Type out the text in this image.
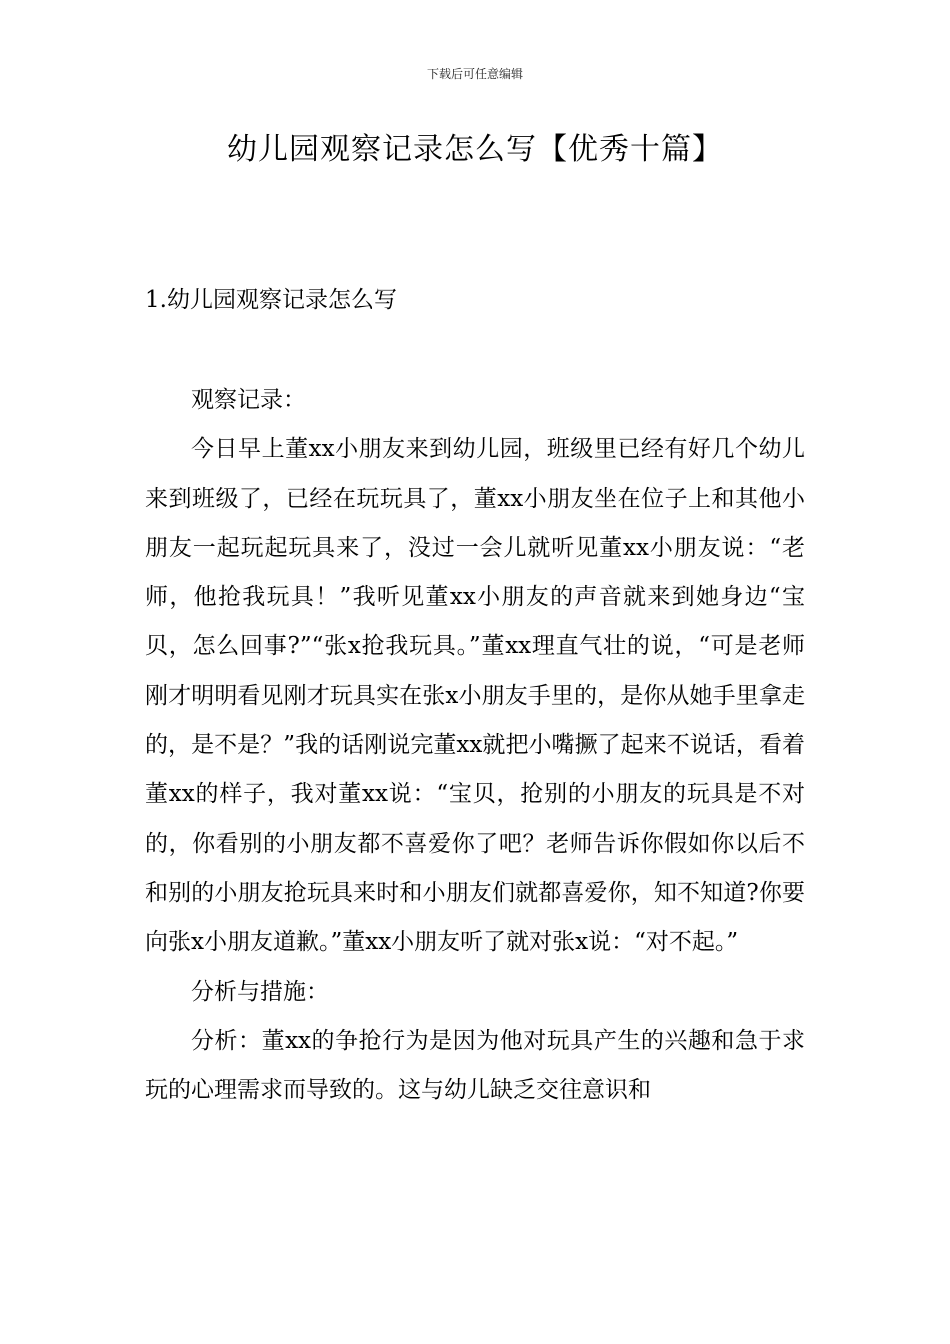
下载后可任意编辑
幼儿园观察记录怎么写【优秀十篇】
1.幼儿园观察记录怎么写

观察记录：

今日早上董xx小朋友来到幼儿园，班级里已经有好几个幼儿来到班级了，已经在玩玩具了，董xx小朋友坐在位子上和其他小朋友一起玩起玩具来了，没过一会儿就听见董xx小朋友说：“老师，他抢我玩具！”我听见董xx小朋友的声音就来到她身边“宝贝，怎么回事?”“张x抢我玩具。”董xx理直气壮的说，“可是老师刚才明明看见刚才玩具实在张x小朋友手里的，是你从她手里拿走的，是不是？”我的话刚说完董xx就把小嘴撅了起来不说话，看着董xx的样子，我对董xx说：“宝贝，抢别的小朋友的玩具是不对的，你看别的小朋友都不喜爱你了吧？老师告诉你假如你以后不和别的小朋友抢玩具来时和小朋友们就都喜爱你，知不知道?你要向张x小朋友道歉。”董xx小朋友听了就对张x说：“对不起。”

分析与措施：

分析：董xx的争抢行为是因为他对玩具产生的兴趣和急于求玩的心理需求而导致的。这与幼儿缺乏交往意识和
